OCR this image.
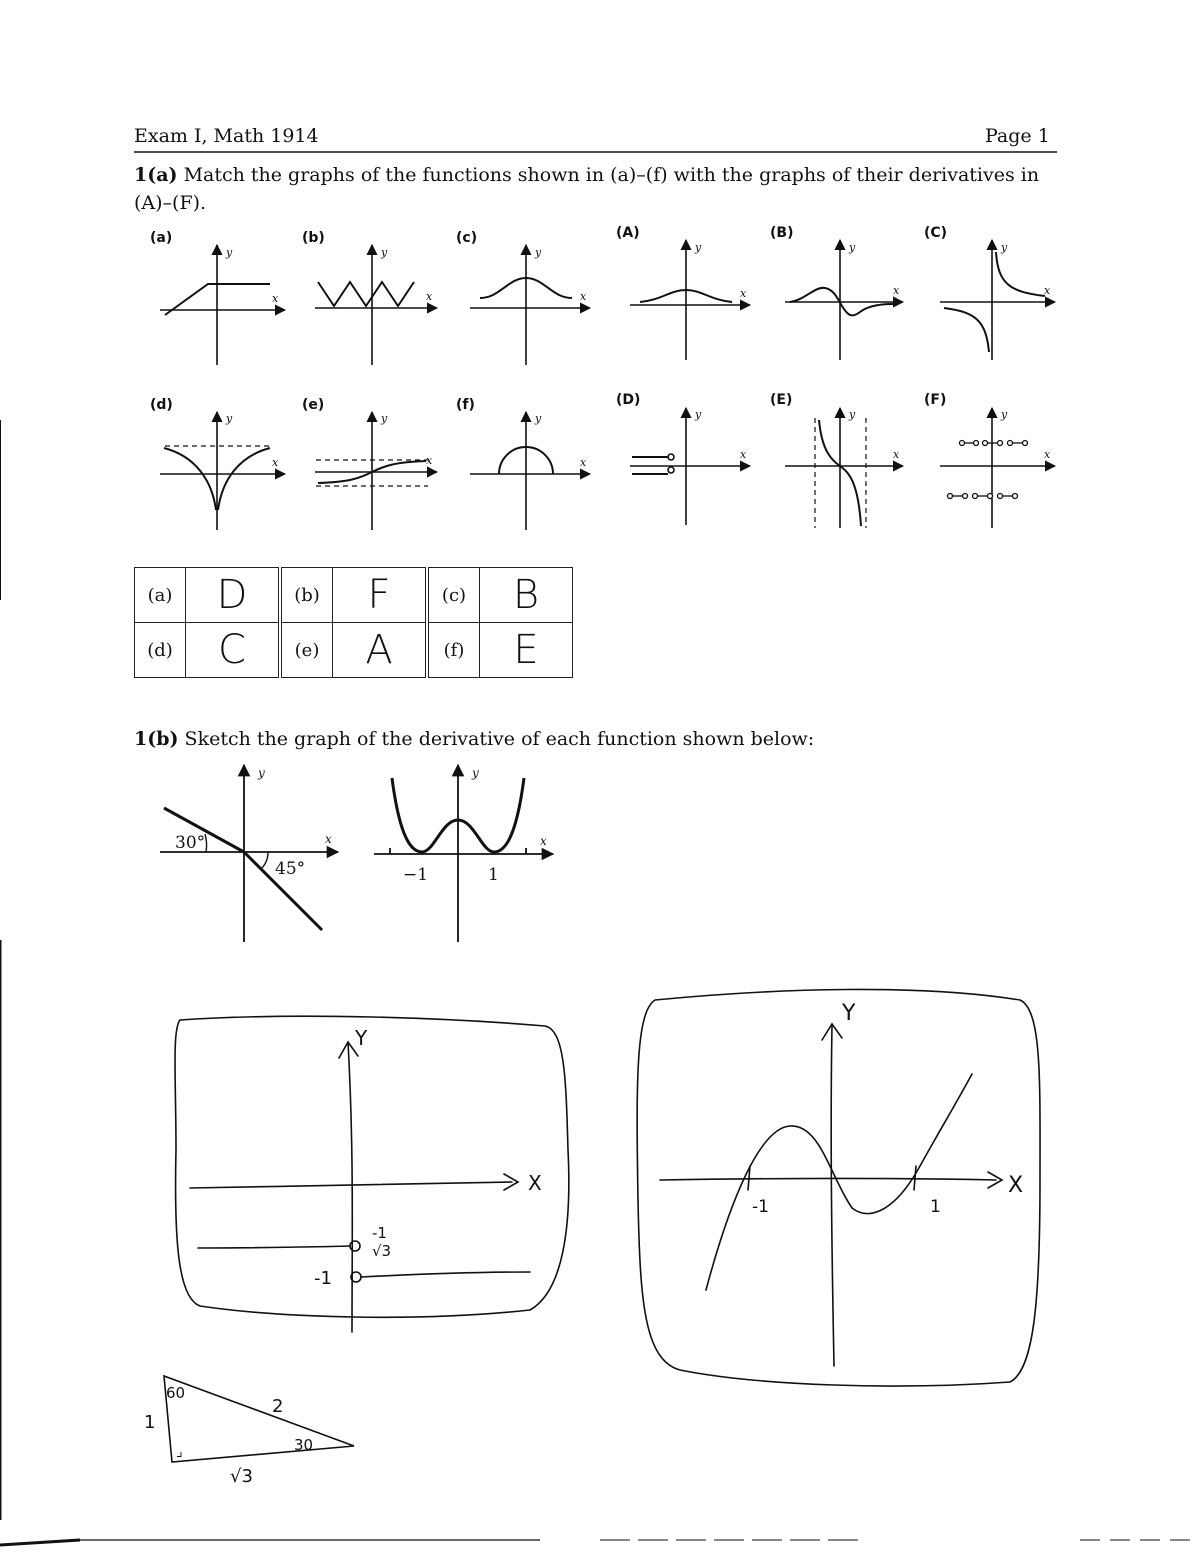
Exam I, Math 1914	Page 1
1(a) Match the graphs of the functions shown in (a)–(f) with the graphs of their derivatives in
(A)–(F).
(a)	D	(b)	F	(c)	B
(d)	C	(e)	A	(f)	E
1(b) Sketch the graph of the derivative of each function shown below:
(a)	(b)	(c)	(A)	(B)	(C)
(d)	(e)	(f)	(D)	(E)	(F)
y
x
y
x
y
x
y
x
y
x
y
x
y
x
y
x
y
x
y
x
y
x
y
x
30°
45°
y
x
−1	1
y
x
X
Y
-1
√3
-1
X
Y
-1	1
60
30
2
1
√3
⌟
